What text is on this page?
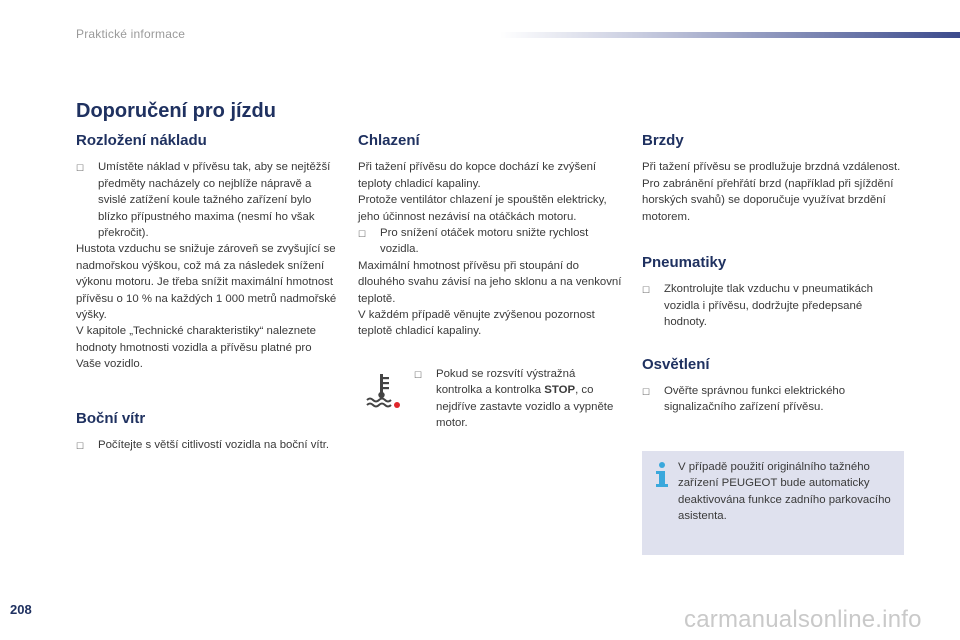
Praktické informace
Doporučení pro jízdu
Rozložení nákladu
☐	Umístěte náklad v přívěsu tak, aby se nejtěžší předměty nacházely co nejblíže nápravě a svislé zatížení koule tažného zařízení bylo blízko přípustného maxima (nesmí ho však překročit).

Hustota vzduchu se snižuje zároveň se zvyšující se nadmořskou výškou, což má za následek snížení výkonu motoru. Je třeba snížit maximální hmotnost přívěsu o 10 % na každých 1 000 metrů nadmořské výšky.

V kapitole „Technické charakteristiky“ naleznete hodnoty hmotnosti vozidla a přívěsu platné pro Vaše vozidlo.

Boční vítr
☐	Počítejte s větší citlivostí vozidla na boční vítr.
Chlazení

Při tažení přívěsu do kopce dochází ke zvýšení teploty chladicí kapaliny.

Protože ventilátor chlazení je spouštěn elektricky, jeho účinnost nezávisí na otáčkách motoru.

☐	Pro snížení otáček motoru snižte rychlost vozidla.

Maximální hmotnost přívěsu při stoupání do dlouhého svahu závisí na jeho sklonu a na venkovní teplotě.

V každém případě věnujte zvýšenou pozornost teplotě chladicí kapaliny.

☐	Pokud se rozsvítí výstražná kontrolka a kontrolka STOP, co nejdříve zastavte vozidlo a vypněte motor.
Brzdy

Při tažení přívěsu se prodlužuje brzdná vzdálenost.

Pro zabránění přehřátí brzd (například při sjíždění horských svahů) se doporučuje využívat brzdění motorem.

Pneumatiky
☐	Zkontrolujte tlak vzduchu v pneumatikách vozidla i přívěsu, dodržujte předepsané hodnoty.
Osvětlení
☐	Ověřte správnou funkci elektrického signalizačního zařízení přívěsu.
V případě použití originálního tažného zařízení PEUGEOT bude automaticky deaktivována funkce zadního parkovacího asistenta.
208	carmanualsonline.info
